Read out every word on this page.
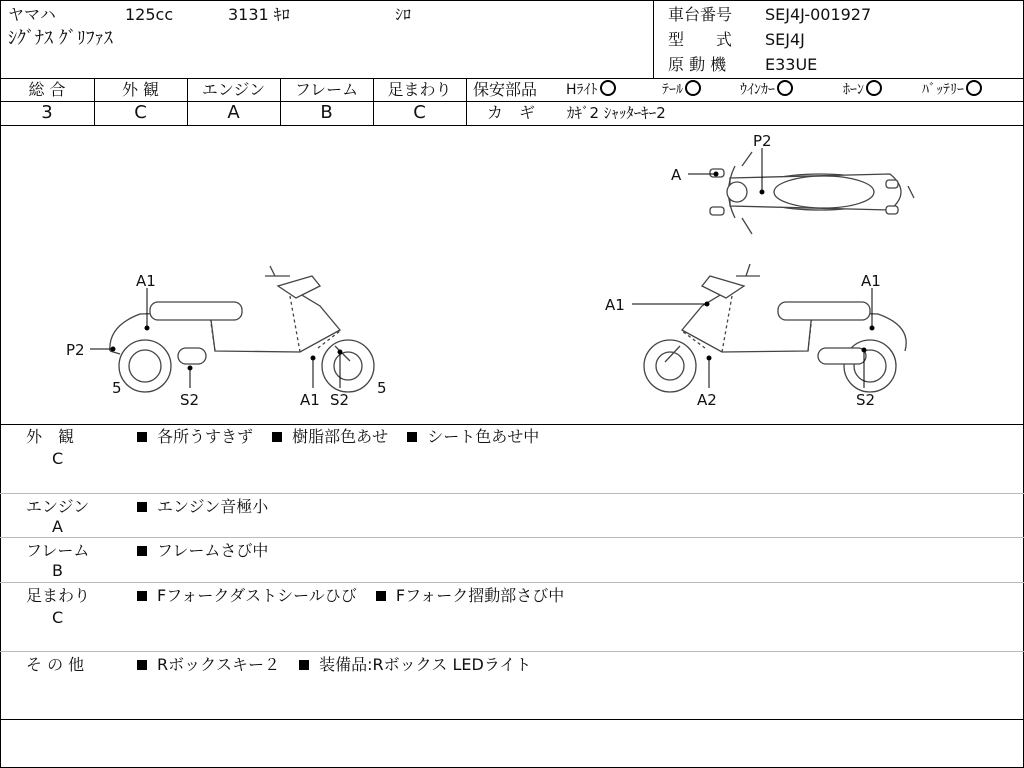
ヤマハ	125cc	3131 ｷﾛ	ｼﾛ
ｼｸﾞﾅｽ ｸﾞﾘﾌｧｽ
車台番号 SEJ4J-001927
型　　式 SEJ4J
原 動 機 E33UE
総 合	外 観	エンジン	フレーム	足まわり
3	C	A	B	C
保安部品 Hﾗｲﾄ	ﾃｰﾙ	ｳｲﾝｶｰ	ﾎｰﾝ	ﾊﾞｯﾃﾘｰ
カ　ギ ｶｷﾞ2 ｼｬｯﾀｰｷｰ2
A
P2
A1
P2
5
S2	A1 S2
5
A1
A1
A2	S2
外　観
C
各所うすきず 樹脂部色あせ シート色あせ中
エンジン
A
エンジン音極小
フレーム
B
フレームさび中
足まわり
C
Fフォークダストシールひび Fフォーク摺動部さび中
そ の 他	Rボックスキー２ 装備品:Rボックス LEDライト
